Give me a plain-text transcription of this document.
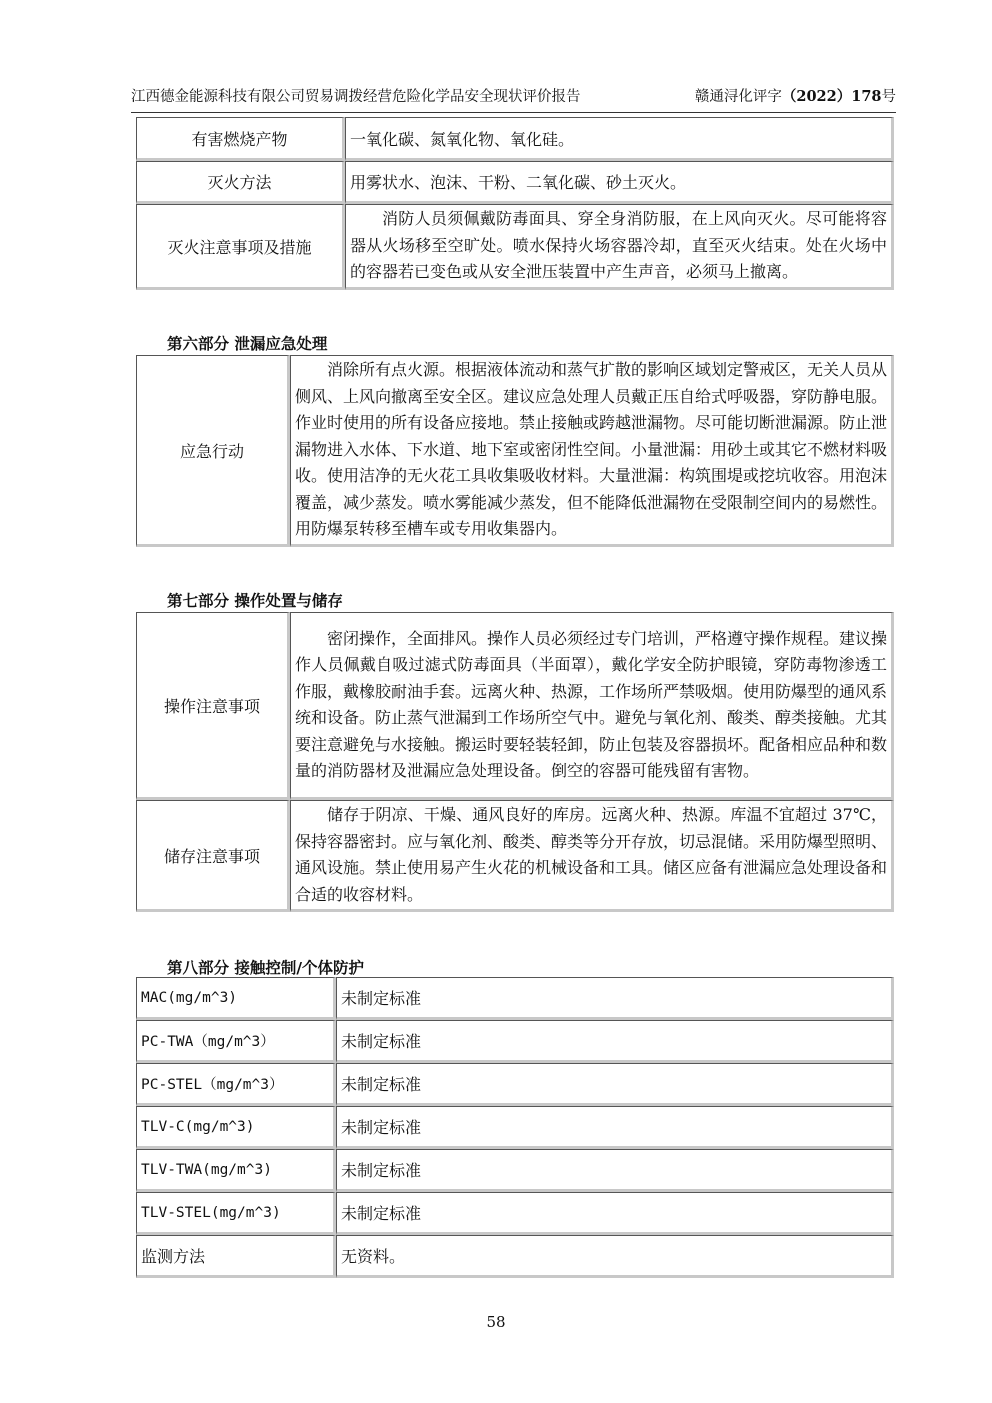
江西德金能源科技有限公司贸易调拨经营危险化学品安全现状评价报告	赣通浔化评字（2022）178号
有害燃烧产物	一氧化碳、氮氧化物、氧化硅。
灭火方法	用雾状水、泡沫、干粉、二氧化碳、砂土灭火。
灭火注意事项及措施	消防人员须佩戴防毒面具、穿全身消防服，在上风向灭火。尽可能将容器从火场移至空旷处。喷水保持火场容器冷却，直至灭火结束。处在火场中的容器若已变色或从安全泄压装置中产生声音，必须马上撤离。
第六部分 泄漏应急处理
应急行动	消除所有点火源。根据液体流动和蒸气扩散的影响区域划定警戒区，无关人员从侧风、上风向撤离至安全区。建议应急处理人员戴正压自给式呼吸器，穿防静电服。作业时使用的所有设备应接地。禁止接触或跨越泄漏物。尽可能切断泄漏源。防止泄漏物进入水体、下水道、地下室或密闭性空间。小量泄漏：用砂土或其它不燃材料吸收。使用洁净的无火花工具收集吸收材料。大量泄漏：构筑围堤或挖坑收容。用泡沫覆盖，减少蒸发。喷水雾能减少蒸发，但不能降低泄漏物在受限制空间内的易燃性。用防爆泵转移至槽车或专用收集器内。
第七部分 操作处置与储存
操作注意事项	密闭操作，全面排风。操作人员必须经过专门培训，严格遵守操作规程。建议操作人员佩戴自吸过滤式防毒面具（半面罩），戴化学安全防护眼镜，穿防毒物渗透工作服，戴橡胶耐油手套。远离火种、热源，工作场所严禁吸烟。使用防爆型的通风系统和设备。防止蒸气泄漏到工作场所空气中。避免与氧化剂、酸类、醇类接触。尤其要注意避免与水接触。搬运时要轻装轻卸，防止包装及容器损坏。配备相应品种和数量的消防器材及泄漏应急处理设备。倒空的容器可能残留有害物。
储存注意事项	储存于阴凉、干燥、通风良好的库房。远离火种、热源。库温不宜超过 37℃，保持容器密封。应与氧化剂、酸类、醇类等分开存放，切忌混储。采用防爆型照明、通风设施。禁止使用易产生火花的机械设备和工具。储区应备有泄漏应急处理设备和合适的收容材料。
第八部分 接触控制/个体防护
MAC(mg/m^3)	未制定标准
PC-TWA（mg/m^3）	未制定标准
PC-STEL（mg/m^3）	未制定标准
TLV-C(mg/m^3)	未制定标准
TLV-TWA(mg/m^3)	未制定标准
TLV-STEL(mg/m^3)	未制定标准
监测方法	无资料。
58
